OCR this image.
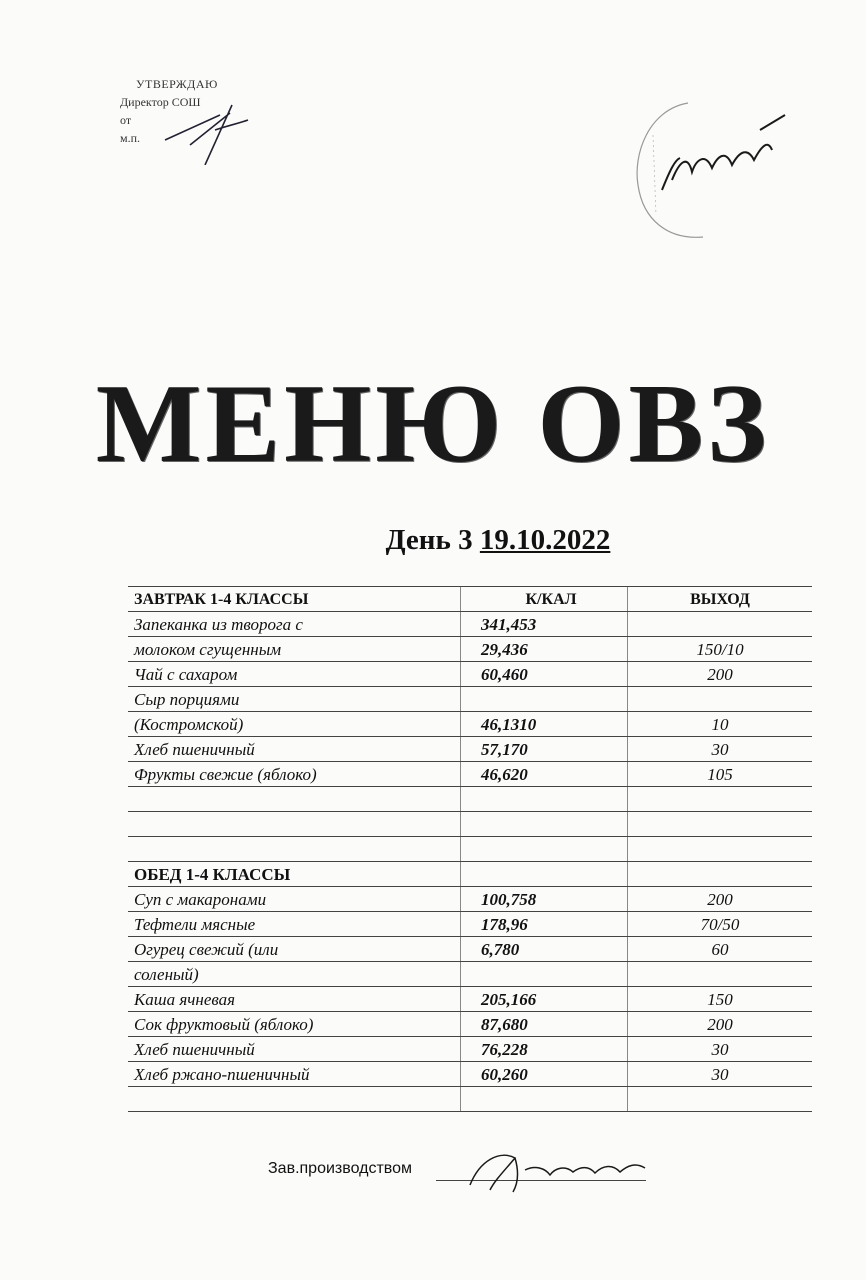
УТВЕРЖДАЮ
Директор СОШ
от
м.п.
МЕНЮ ОВЗ
День 3 19.10.2022
ЗАВТРАК 1-4 КЛАССЫ	К/КАЛ	ВЫХОД
Запеканка из творога с	341,453	
молоком сгущенным	29,436	150/10
Чай с сахаром	60,460	200
Сыр порциями		
(Костромской)	46,1310	10
Хлеб пшеничный	57,170	30
Фрукты свежие (яблоко)	46,620	105

ОБЕД 1-4 КЛАССЫ		
Суп с макаронами	100,758	200
Тефтели мясные	178,96	70/50
Огурец свежий (или	6,780	60
соленый)		
Каша ячневая	205,166	150
Сок фруктовый (яблоко)	87,680	200
Хлеб пшеничный	76,228	30
Хлеб ржано-пшеничный	60,260	30

Зав.производством
